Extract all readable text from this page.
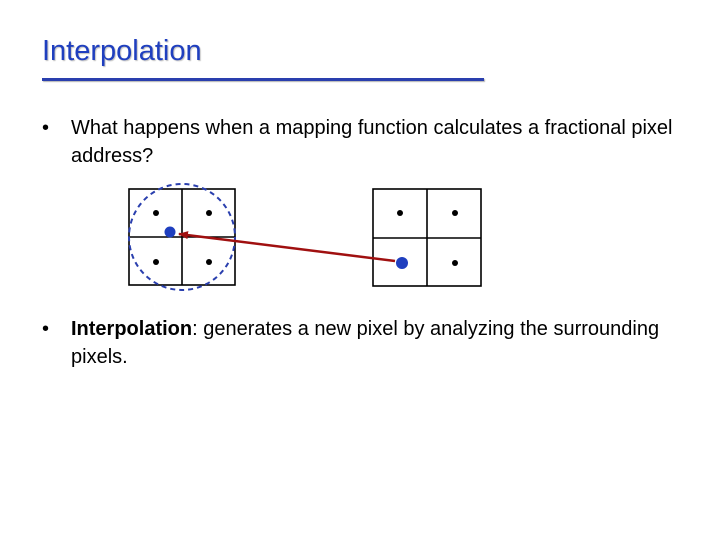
Interpolation
• What happens when a mapping function calculates a fractional pixel address?
• Interpolation: generates a new pixel by analyzing the surrounding pixels.
